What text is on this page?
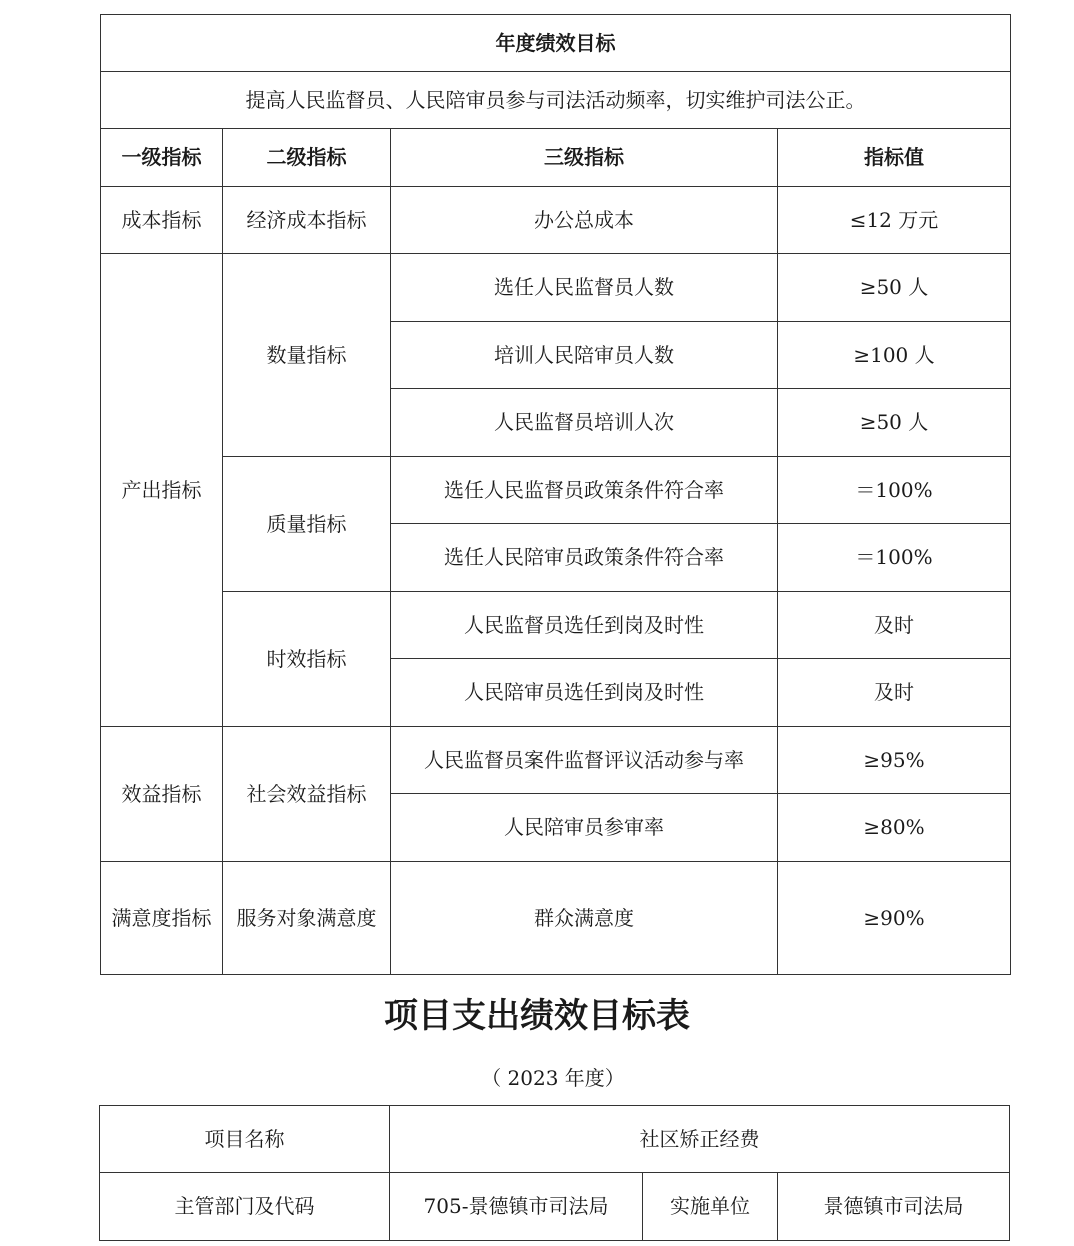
年度绩效目标			
提高人民监督员、人民陪审员参与司法活动频率，切实维护司法公正。			
一级指标	二级指标	三级指标	指标值
成本指标	经济成本指标	办公总成本	≤12 万元
产出指标	数量指标	选任人民监督员人数	≥50 人
		培训人民陪审员人数	≥100 人
		人民监督员培训人次	≥50 人
	质量指标	选任人民监督员政策条件符合率	＝100%
		选任人民陪审员政策条件符合率	＝100%
	时效指标	人民监督员选任到岗及时性	及时
		人民陪审员选任到岗及时性	及时
效益指标	社会效益指标	人民监督员案件监督评议活动参与率	≥95%
		人民陪审员参审率	≥80%
满意度指标	服务对象满意度	群众满意度	≥90%
项目支出绩效目标表
（ 2023 年度）
项目名称	社区矫正经费		
主管部门及代码	705-景德镇市司法局	实施单位	景德镇市司法局
